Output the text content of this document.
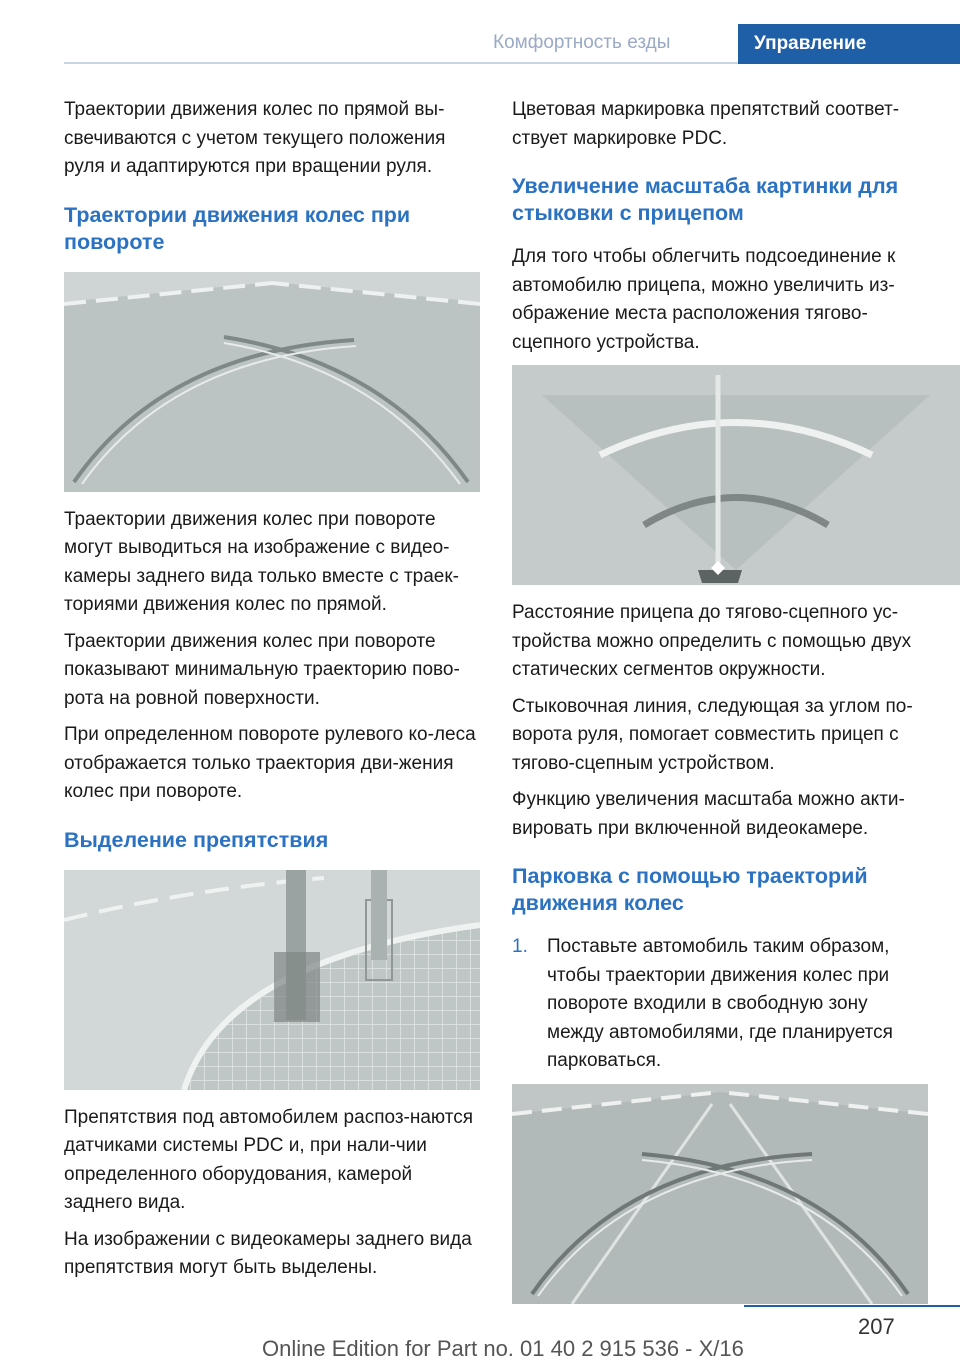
Комфортность езды	Управление

Траектории движения колес по прямой вы-свечиваются с учетом текущего положения руля и адаптируются при вращении руля.

Траектории движения колес при повороте

Траектории движения колес при повороте могут выводиться на изображение с видео-камеры заднего вида только вместе с траек-ториями движения колес по прямой.

Траектории движения колес при повороте показывают минимальную траекторию пово-рота на ровной поверхности.

При определенном повороте рулевого ко-леса отображается только траектория дви-жения колес при повороте.

Выделение препятствия

Препятствия под автомобилем распоз-наются датчиками системы PDC и, при нали-чии определенного оборудования, камерой заднего вида.

На изображении с видеокамеры заднего вида препятствия могут быть выделены.

Цветовая маркировка препятствий соответ-ствует маркировке PDC.

Увеличение масштаба картинки для стыковки с прицепом

Для того чтобы облегчить подсоединение к автомобилю прицепа, можно увеличить из-ображение места расположения тягово-сцепного устройства.

Расстояние прицепа до тягово-сцепного ус-тройства можно определить с помощью двух статических сегментов окружности.

Стыковочная линия, следующая за углом по-ворота руля, помогает совместить прицеп с тягово-сцепным устройством.

Функцию увеличения масштаба можно акти-вировать при включенной видеокамере.

Парковка с помощью траекторий движения колес
1. Поставьте автомобиль таким образом, чтобы траектории движения колес при повороте входили в свободную зону между автомобилями, где планируется парковаться.
207
Online Edition for Part no. 01 40 2 915 536 - X/16
